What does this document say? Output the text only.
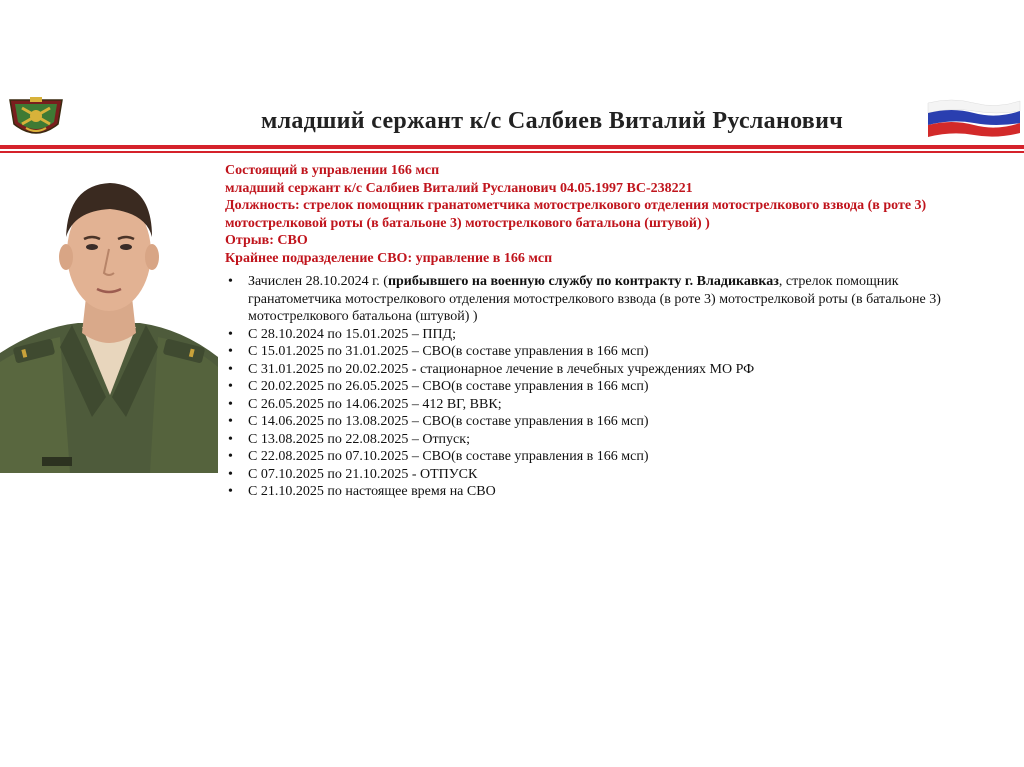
младший сержант к/с Салбиев Виталий Русланович
Состоящий в управлении 166 мсп
младший сержант к/с Салбиев Виталий Русланович 04.05.1997 ВС-238221
Должность: стрелок помощник гранатометчика мотострелкового отделения мотострелкового взвода (в роте 3)
мотострелковой роты (в батальоне 3) мотострелкового батальона (штувой) )
Отрыв: СВО
Крайнее подразделение СВО: управление в 166 мсп
• Зачислен 28.10.2024 г. (прибывшего на военную службу по контракту г. Владикавказ, стрелок помощник
гранатометчика мотострелкового отделения мотострелкового взвода (в роте 3) мотострелковой роты (в батальоне 3)
мотострелкового батальона (штувой) )
• С 28.10.2024 по 15.01.2025 – ППД;
• С 15.01.2025 по 31.01.2025 – СВО(в составе управления в 166 мсп)
• С 31.01.2025 по 20.02.2025 - стационарное лечение в лечебных учреждениях МО РФ
• С 20.02.2025 по 26.05.2025 – СВО(в составе управления в 166 мсп)
• С 26.05.2025 по 14.06.2025 – 412 ВГ, ВВК;
• С 14.06.2025 по 13.08.2025 – СВО(в составе управления в 166 мсп)
• С 13.08.2025 по 22.08.2025 – Отпуск;
• С 22.08.2025 по 07.10.2025 – СВО(в составе управления в 166 мсп)
• С 07.10.2025 по 21.10.2025 - ОТПУСК
• С 21.10.2025 по настоящее время на СВО
